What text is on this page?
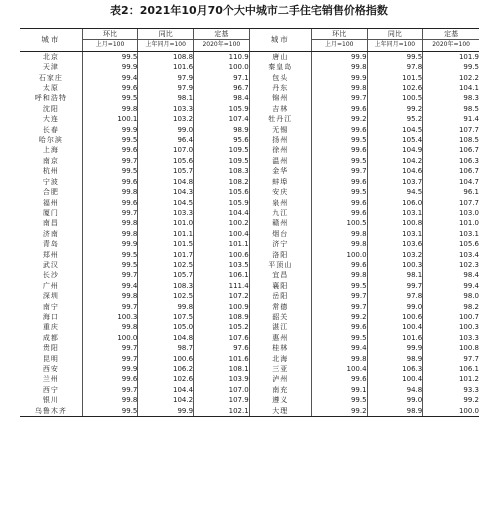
表2：2021年10月70个大中城市二手住宅销售价格指数
城市	环比	同比	定基	城市	环比	同比	定基
	上月=100	上年同月=100	2020年=100		上月=100	上年同月=100	2020年=100
北京	99.5	108.8	110.9	唐山	99.9	99.5	101.9
天津	99.9	101.6	100.0	秦皇岛	99.8	97.8	99.5
石家庄	99.4	97.9	97.1	包头	99.9	101.5	102.2
太原	99.6	97.9	96.7	丹东	99.8	102.6	104.1
呼和浩特	99.5	98.1	98.4	锦州	99.7	100.5	98.3
沈阳	99.8	103.3	105.9	吉林	99.6	99.2	98.5
大连	100.1	103.2	107.4	牡丹江	99.2	95.2	91.4
长春	99.9	99.0	98.9	无锡	99.6	104.5	107.7
哈尔滨	99.5	96.4	95.6	扬州	99.5	105.4	108.5
上海	99.6	107.0	109.5	徐州	99.6	104.9	106.7
南京	99.7	105.6	109.5	温州	99.5	104.2	106.3
杭州	99.5	105.7	108.3	金华	99.7	104.6	106.7
宁波	99.6	104.8	108.2	蚌埠	99.6	103.7	104.7
合肥	99.8	104.3	105.6	安庆	99.5	94.5	96.1
福州	99.6	104.5	105.9	泉州	99.6	106.0	107.7
厦门	99.7	103.3	104.4	九江	99.6	103.1	103.0
南昌	99.8	101.0	100.2	赣州	100.5	100.8	101.0
济南	99.8	101.1	100.4	烟台	99.8	103.1	103.1
青岛	99.9	101.5	101.1	济宁	99.8	103.6	105.6
郑州	99.5	101.7	100.6	洛阳	100.0	103.2	103.4
武汉	99.5	102.5	103.5	平顶山	99.6	100.3	102.3
长沙	99.7	105.7	106.1	宜昌	99.8	98.1	98.4
广州	99.4	108.3	111.4	襄阳	99.5	99.7	99.4
深圳	99.8	102.5	107.2	岳阳	99.7	97.8	98.0
南宁	99.7	99.8	100.9	常德	99.7	99.0	98.2
海口	100.3	107.5	108.9	韶关	99.2	100.6	100.7
重庆	99.8	105.0	105.2	湛江	99.6	100.4	100.3
成都	100.0	104.8	107.6	惠州	99.5	101.6	103.3
贵阳	99.7	98.7	97.6	桂林	99.4	99.9	100.8
昆明	99.7	100.6	101.6	北海	99.8	98.9	97.7
西安	99.9	106.2	108.1	三亚	100.4	106.3	106.1
兰州	99.6	102.6	103.9	泸州	99.6	100.4	101.2
西宁	99.7	104.4	107.0	南充	99.1	94.8	93.3
银川	99.8	104.2	107.9	遵义	99.5	99.0	99.2
乌鲁木齐	99.5	99.9	102.1	大理	99.2	98.9	100.0
